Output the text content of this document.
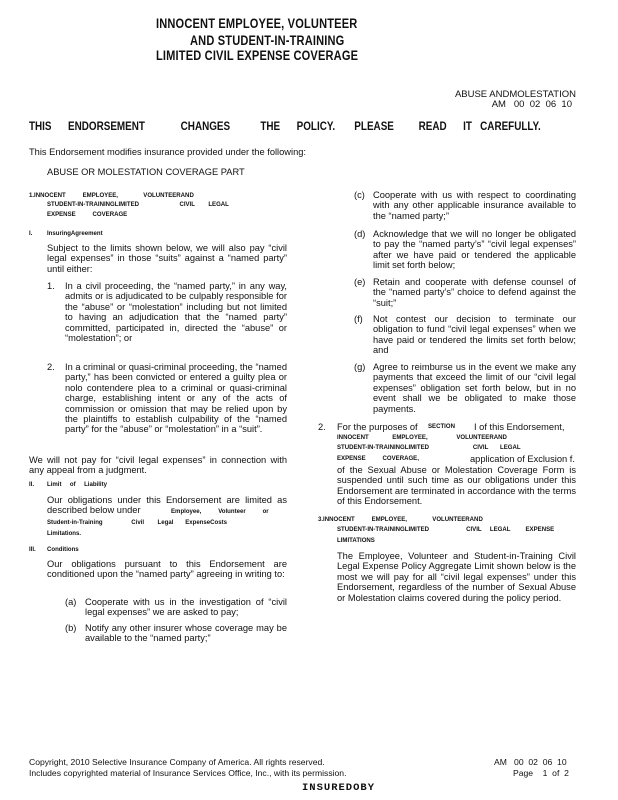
INNOCENT EMPLOYEE, VOLUNTEER
AND STUDENT-IN-TRAINING
LIMITED CIVIL EXPENSE COVERAGE
ABUSE ANDMOLESTATION
AM   00  02  06  10
THIS      ENDORSEMENT             CHANGES           THE      POLICY.       PLEASE         READ      IT   CAREFULLY.
This Endorsement modifies insurance provided under the following:
ABUSE OR MOLESTATION COVERAGE PART
1.INNOCENT          EMPLOYEE,               VOLUNTEERAND
STUDENT-IN-TRAININGLIMITED                        CIVIL        LEGAL
EXPENSE          COVERAGE
I. InsuringAgreement
Subject to the limits shown below, we will also pay “civil legal expenses” in those “suits” against a “named party” until either:
1. In a civil proceeding, the “named party,” in any way, admits or is adjudicated to be culpably responsible for the “abuse” or “molestation” including but not limited to having an adjudication that the “named party” committed, participated in, directed the “abuse” or “molestation”; or
2. In a criminal or quasi-criminal proceeding, the “named party,” has been convicted or entered a guilty plea or nolo contendere plea to a criminal or quasi-criminal charge, establishing intent or any of the acts of commission or omission that may be relied upon by the plaintiffs to establish culpability of the “named party” for the “abuse” or “molestation” in a “suit”.
We will not pay for “civil legal expenses” in connection with any appeal from a judgment.
II. Limit     of     Liability
Our obligations under this Endorsement are limited as described below under	Employee,          Volunteer          or
Student-in-Training                 Civil        Legal       ExpenseCosts
Limitations.
III. Conditions
Our obligations pursuant to this Endorsement are conditioned upon the “named party” agreeing in writing to:
(a) Cooperate with us in the investigation of “civil legal expenses” we are asked to pay;
(b) Notify any other insurer whose coverage may be available to the “named party;”
(c) Cooperate with us with respect to coordinating with any other applicable insurance available to the “named party;”
(d) Acknowledge that we will no longer be obligated to pay the “named party’s” “civil legal expenses” after we have paid or tendered the applicable limit set forth below;
(e) Retain and cooperate with defense counsel of the “named party’s” choice to defend against the “suit;”
(f) Not contest our decision to terminate our obligation to fund “civil legal expenses” when we have paid or tendered the limits set forth below; and
(g) Agree to reimburse us in the event we make any payments that exceed the limit of our “civil legal expenses” obligation set forth below, but in no event shall we be obligated to make those payments.
2. For the purposes of SECTION I of this Endorsement,
INNOCENT              EMPLOYEE,                 VOLUNTEERAND
STUDENT-IN-TRAININGLIMITED                          CIVIL       LEGAL
EXPENSE          COVERAGE,	application of Exclusion f.
of the Sexual Abuse or Molestation Coverage Form is suspended until such time as our obligations under this Endorsement are terminated in accordance with the terms of this Endorsement.
3.INNOCENT          EMPLOYEE,               VOLUNTEERAND
STUDENT-IN-TRAININGLIMITED                      CIVIL     LEGAL         EXPENSE
LIMITATIONS
The Employee, Volunteer and Student-in-Training Civil Legal Expense Policy Aggregate Limit shown below is the most we will pay for all “civil legal expenses” under this Endorsement, regardless of the number of Sexual Abuse or Molestation claims covered during the policy period.
Copyright, 2010 Selective Insurance Company of America. All rights reserved.
Includes copyrighted material of Insurance Services Office, Inc., with its permission.
AM   00  02  06  10
Page    1  of  2
INSUREDOBY
